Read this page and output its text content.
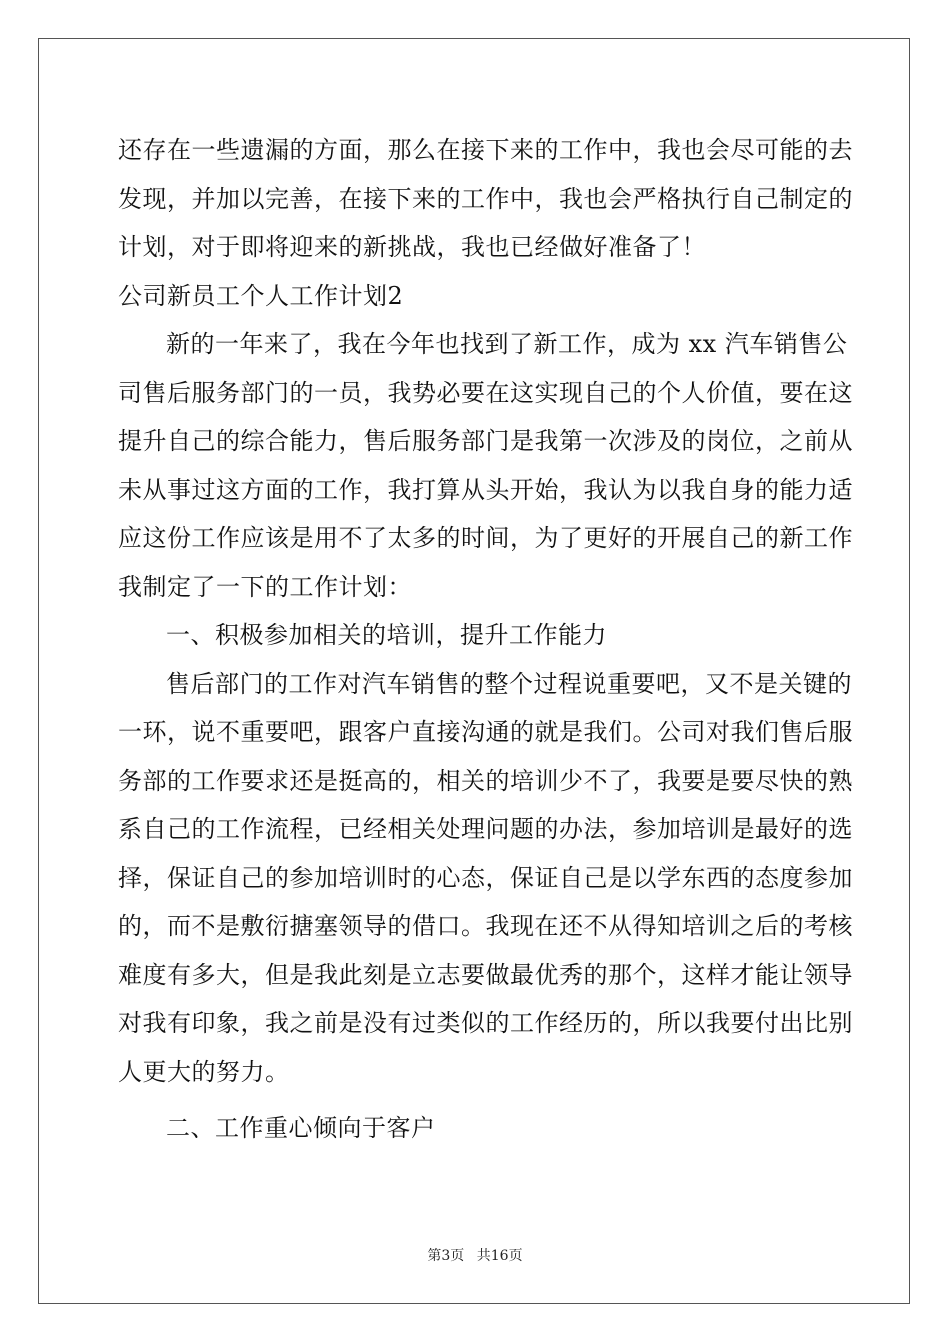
还存在一些遗漏的方面，那么在接下来的工作中，我也会尽可能的去
发现，并加以完善，在接下来的工作中，我也会严格执行自己制定的
计划，对于即将迎来的新挑战，我也已经做好准备了！
公司新员工个人工作计划2
新的一年来了，我在今年也找到了新工作，成为 xx 汽车销售公
司售后服务部门的一员，我势必要在这实现自己的个人价值，要在这
提升自己的综合能力，售后服务部门是我第一次涉及的岗位，之前从
未从事过这方面的工作，我打算从头开始，我认为以我自身的能力适
应这份工作应该是用不了太多的时间，为了更好的开展自己的新工作
我制定了一下的工作计划：
一、积极参加相关的培训，提升工作能力
售后部门的工作对汽车销售的整个过程说重要吧，又不是关键的
一环，说不重要吧，跟客户直接沟通的就是我们。公司对我们售后服
务部的工作要求还是挺高的，相关的培训少不了，我要是要尽快的熟
系自己的工作流程，已经相关处理问题的办法，参加培训是最好的选
择，保证自己的参加培训时的心态，保证自己是以学东西的态度参加
的，而不是敷衍搪塞领导的借口。我现在还不从得知培训之后的考核
难度有多大，但是我此刻是立志要做最优秀的那个，这样才能让领导
对我有印象，我之前是没有过类似的工作经历的，所以我要付出比别
人更大的努力。
二、工作重心倾向于客户
第3页 共16页
